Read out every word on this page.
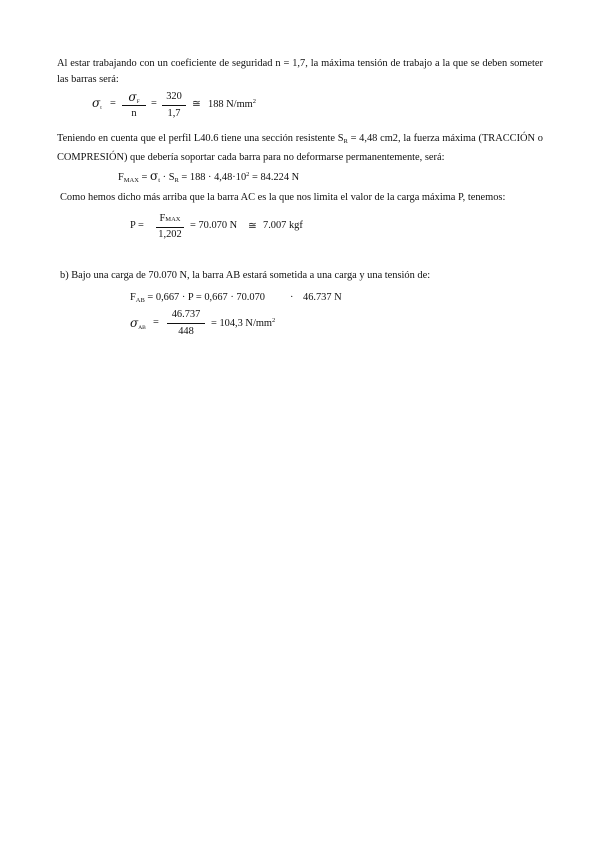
Al estar trabajando con un coeficiente de seguridad n = 1,7, la máxima tensión de trabajo a la que se deben someter las barras será:
σt =	σF
n
=
320
1,7
≅ 188 $N/mm^2$
Teniendo en cuenta que el perfil L40.6 tiene una sección resistente $S_R = 4,48$ cm2, la fuerza máxima (TRACCIÓN o COMPRESIÓN) que debería soportar cada barra para no deformarse permanentemente, será:
$F_{MAX} = \sigma_t \cdot S_R = 188 \cdot 4,48\cdot 10^2 = 84.224$ N
Como hemos dicho más arriba que la barra AC es la que nos limita el valor de la carga máxima P, tenemos:
P =
FMAX
1,202
= 70.070 N ≅ 7.007 kgf
b) Bajo una carga de 70.070 N, la barra AB estará sometida a una carga y una tensión de:
$F_{AB} = 0,667 \cdot P = 0,667 \cdot 70.070 \cdot 46.737$ N
σAB =
46.737
448
= 104,3 $N/mm^2$
